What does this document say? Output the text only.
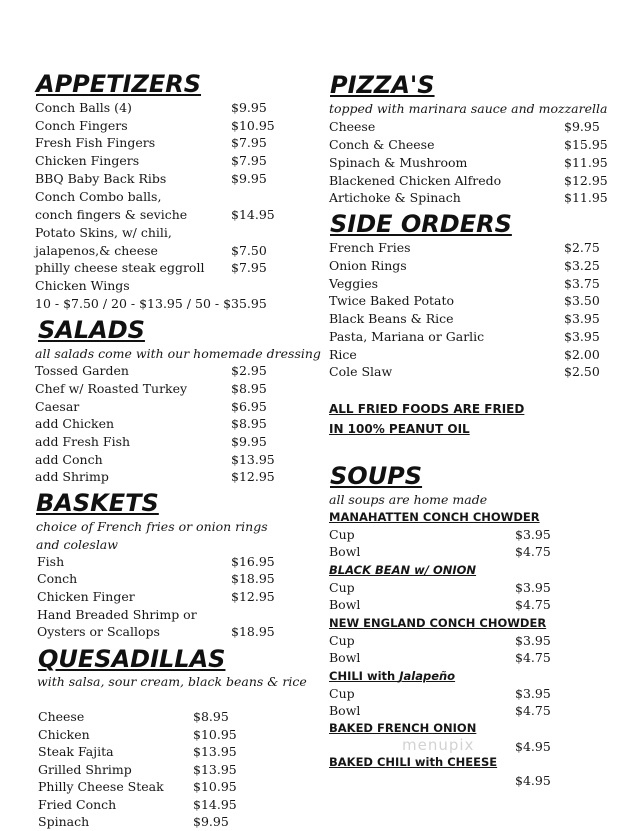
APPETIZERS
Conch Balls (4)	$9.95
Conch Fingers	$10.95
Fresh Fish Fingers	$7.95
Chicken Fingers	$7.95
BBQ Baby Back Ribs	$9.95
Conch Combo balls,
conch fingers & seviche	$14.95
Potato Skins, w/ chili,
jalapenos,& cheese	$7.50
philly cheese steak eggroll $7.95
Chicken Wings
10 - $7.50 / 20 - $13.95 / 50 - $35.95
SALADS
all salads come with our homemade dressing
Tossed Garden	$2.95
Chef w/ Roasted Turkey	$8.95
Caesar	$6.95
add Chicken	$8.95
add Fresh Fish	$9.95
add Conch	$13.95
add Shrimp	$12.95
BASKETS
choice of French fries or onion rings
and coleslaw
Fish	$16.95
Conch	$18.95
Chicken Finger	$12.95
Hand Breaded Shrimp or
Oysters or Scallops	$18.95
QUESADILLAS
with salsa, sour cream, black beans & rice
Cheese	$8.95
Chicken	$10.95
Steak Fajita	$13.95
Grilled Shrimp	$13.95
Philly Cheese Steak $10.95
Fried Conch	$14.95
Spinach	$9.95
PIZZA'S
topped with marinara sauce and mozzarella
Cheese	$9.95
Conch & Cheese	$15.95
Spinach & Mushroom	$11.95
Blackened Chicken Alfredo	$12.95
Artichoke & Spinach	$11.95
SIDE ORDERS
French Fries	$2.75
Onion Rings	$3.25
Veggies	$3.75
Twice Baked Potato	$3.50
Black Beans & Rice	$3.95
Pasta, Mariana or Garlic	$3.95
Rice	$2.00
Cole Slaw	$2.50
ALL FRIED FOODS ARE FRIED
IN 100% PEANUT OIL
SOUPS
all soups are home made
MANAHATTEN CONCH CHOWDER
Cup	$3.95
Bowl	$4.75
BLACK BEAN w/ ONION
Cup	$3.95
Bowl	$4.75
NEW ENGLAND CONCH CHOWDER
Cup	$3.95
Bowl	$4.75
CHILI with Jalapeño
Cup	$3.95
Bowl	$4.75
BAKED FRENCH ONION
$4.95
BAKED CHILI with CHEESE
$4.95
menupix
